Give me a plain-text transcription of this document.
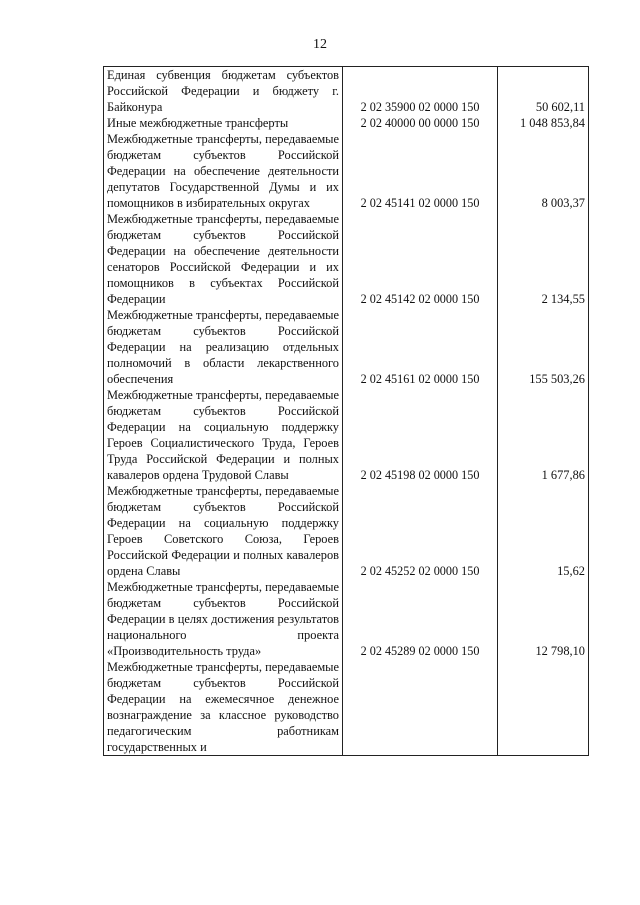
12
Единая субвенция бюджетам субъектов Российской Федерации и бюджету г. Байконура	2 02 35900 02 0000 150	50 602,11
Иные межбюджетные трансферты	2 02 40000 00 0000 150	1 048 853,84
Межбюджетные трансферты, передаваемые бюджетам субъектов Российской Федерации на обеспечение деятельности депутатов Государственной Думы и их помощников в избирательных округах	2 02 45141 02 0000 150	8 003,37
Межбюджетные трансферты, передаваемые бюджетам субъектов Российской Федерации на обеспечение деятельности сенаторов Российской Федерации и их помощников в субъектах Российской Федерации	2 02 45142 02 0000 150	2 134,55
Межбюджетные трансферты, передаваемые бюджетам субъектов Российской Федерации на реализацию отдельных полномочий в области лекарственного обеспечения	2 02 45161 02 0000 150	155 503,26
Межбюджетные трансферты, передаваемые бюджетам субъектов Российской Федерации на социальную поддержку Героев Социалистического Труда, Героев Труда Российской Федерации и полных кавалеров ордена Трудовой Славы	2 02 45198 02 0000 150	1 677,86
Межбюджетные трансферты, передаваемые бюджетам субъектов Российской Федерации на социальную поддержку Героев Советского Союза, Героев Российской Федерации и полных кавалеров ордена Славы	2 02 45252 02 0000 150	15,62
Межбюджетные трансферты, передаваемые бюджетам субъектов Российской Федерации в целях достижения результатов национального проекта «Производительность труда»	2 02 45289 02 0000 150	12 798,10
Межбюджетные трансферты, передаваемые бюджетам субъектов Российской Федерации на ежемесячное денежное вознаграждение за классное руководство педагогическим работникам государственных и		
